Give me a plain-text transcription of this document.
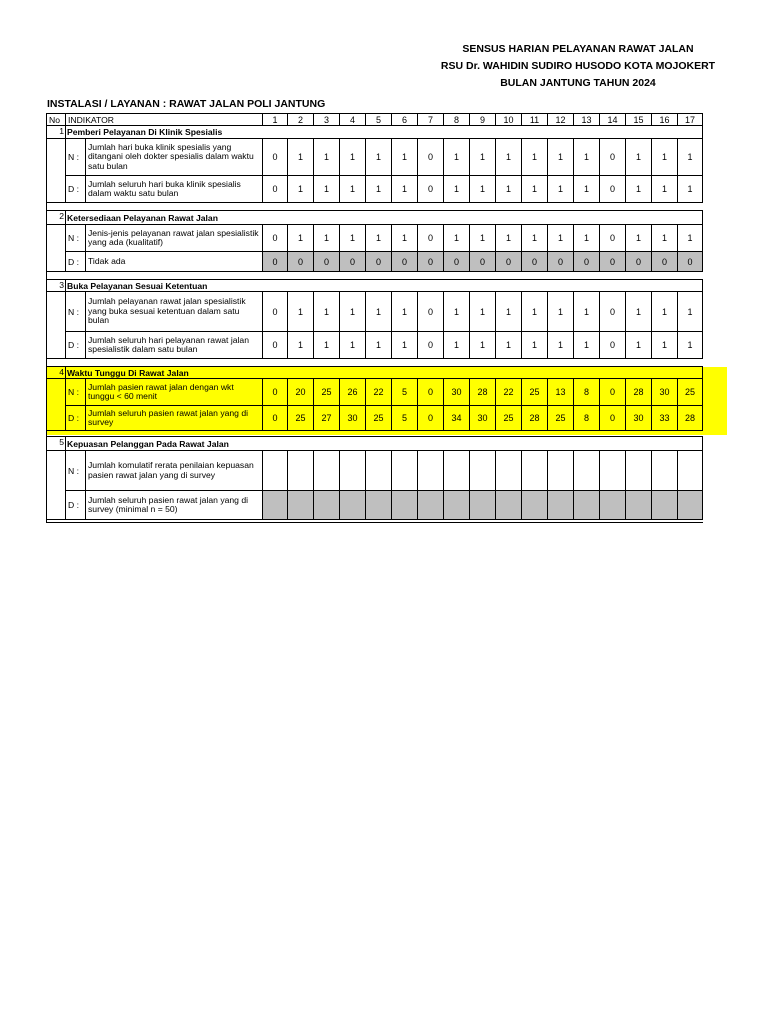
SENSUS HARIAN PELAYANAN RAWAT JALAN
RSU Dr. WAHIDIN SUDIRO HUSODO KOTA MOJOKERT
BULAN JANTUNG TAHUN 2024
INSTALASI / LAYANAN : RAWAT JALAN POLI JANTUNG
No	INDIKATOR		1	2	3	4	5	6	7	8	9	10	11	12	13	14	15	16	17
1	Pemberi Pelayanan Di Klinik Spesialis																		
	N :	Jumlah hari buka klinik spesialis yang ditangani oleh dokter spesialis dalam waktu satu bulan	0	1	1	1	1	1	0	1	1	1	1	1	1	0	1	1	1
	D :	Jumlah seluruh hari buka klinik spesialis dalam waktu satu bulan	0	1	1	1	1	1	0	1	1	1	1	1	1	0	1	1	1

2	Ketersediaan Pelayanan Rawat Jalan																		
	N :	Jenis-jenis pelayanan rawat jalan spesialistik yang ada (kualitatif)	0	1	1	1	1	1	0	1	1	1	1	1	1	0	1	1	1
	D :	Tidak ada	0	0	0	0	0	0	0	0	0	0	0	0	0	0	0	0	0

3	Buka Pelayanan Sesuai Ketentuan																		
	N :	Jumlah pelayanan rawat jalan spesialistik yang buka sesuai ketentuan dalam satu bulan	0	1	1	1	1	1	0	1	1	1	1	1	1	0	1	1	1
	D :	Jumlah seluruh hari pelayanan rawat jalan spesialistik dalam satu bulan	0	1	1	1	1	1	0	1	1	1	1	1	1	0	1	1	1

4	Waktu Tunggu Di Rawat Jalan																		
	N :	Jumlah pasien rawat jalan dengan wkt tunggu < 60 menit	0	20	25	26	22	5	0	30	28	22	25	13	8	0	28	30	25
	D :	Jumlah seluruh pasien rawat jalan yang di survey	0	25	27	30	25	5	0	34	30	25	28	25	8	0	30	33	28

5	Kepuasan Pelanggan Pada Rawat Jalan																		
	N :	Jumlah komulatif rerata penilaian kepuasan pasien rawat jalan yang di survey																	
	D :	Jumlah seluruh pasien rawat jalan yang di survey (minimal n = 50)																	
